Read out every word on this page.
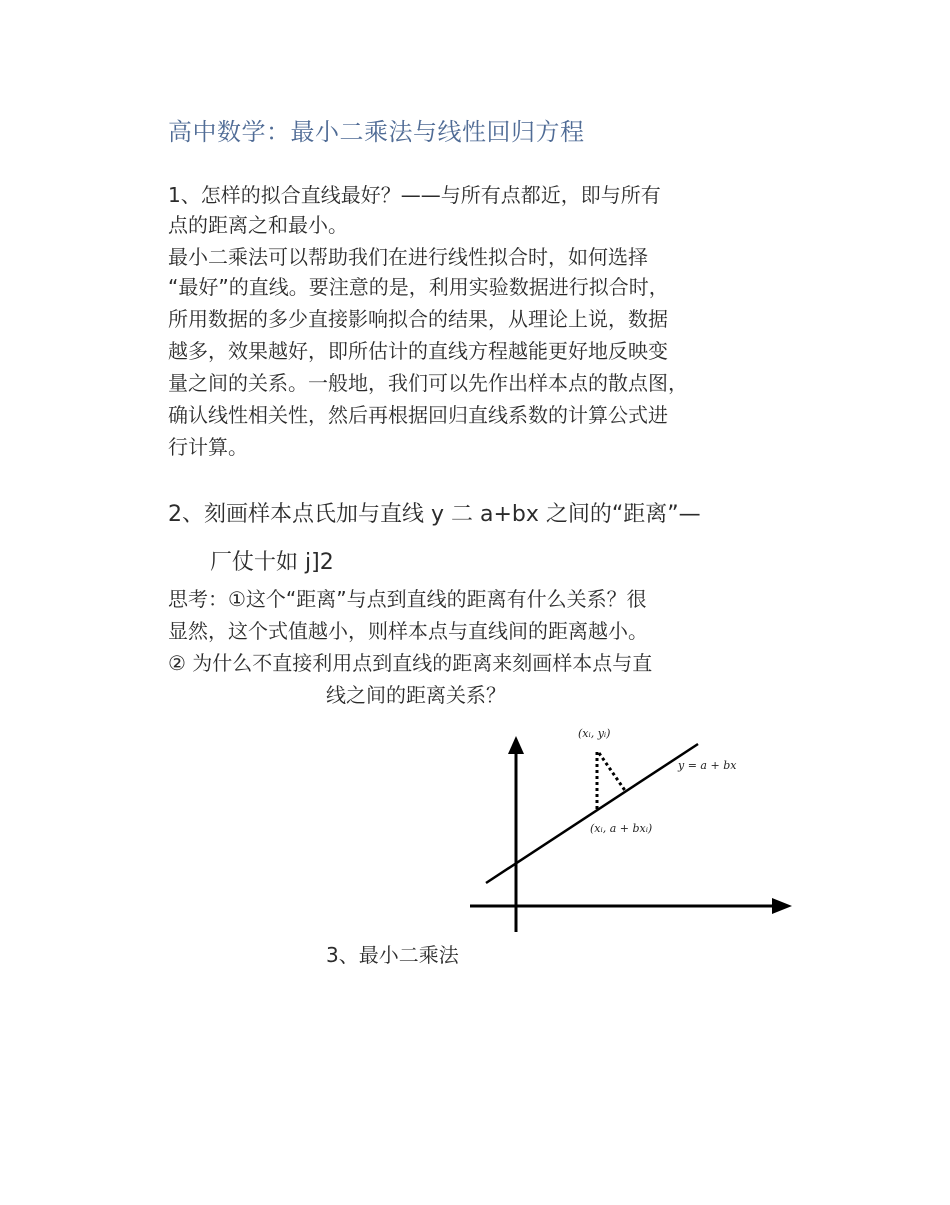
高中数学：最小二乘法与线性回归方程
1、怎样的拟合直线最好？——与所有点都近，即与所有
点的距离之和最小。
最小二乘法可以帮助我们在进行线性拟合时，如何选择
“最好”的直线。要注意的是，利用实验数据进行拟合时，
所用数据的多少直接影响拟合的结果，从理论上说，数据
越多，效果越好，即所估计的直线方程越能更好地反映变
量之间的关系。一般地，我们可以先作出样本点的散点图，
确认线性相关性，然后再根据回归直线系数的计算公式进
行计算。
2、刻画样本点氏加与直线 y 二 a+bx 之间的“距离”—
厂仗十如 j]2
思考：①这个“距离”与点到直线的距离有什么关系？很
显然，这个式值越小，则样本点与直线间的距离越小。
② 为什么不直接利用点到直线的距离来刻画样本点与直
线之间的距离关系？
(xᵢ, yᵢ)
y = a + bx
(xᵢ, a + bxᵢ)
3、最小二乘法
